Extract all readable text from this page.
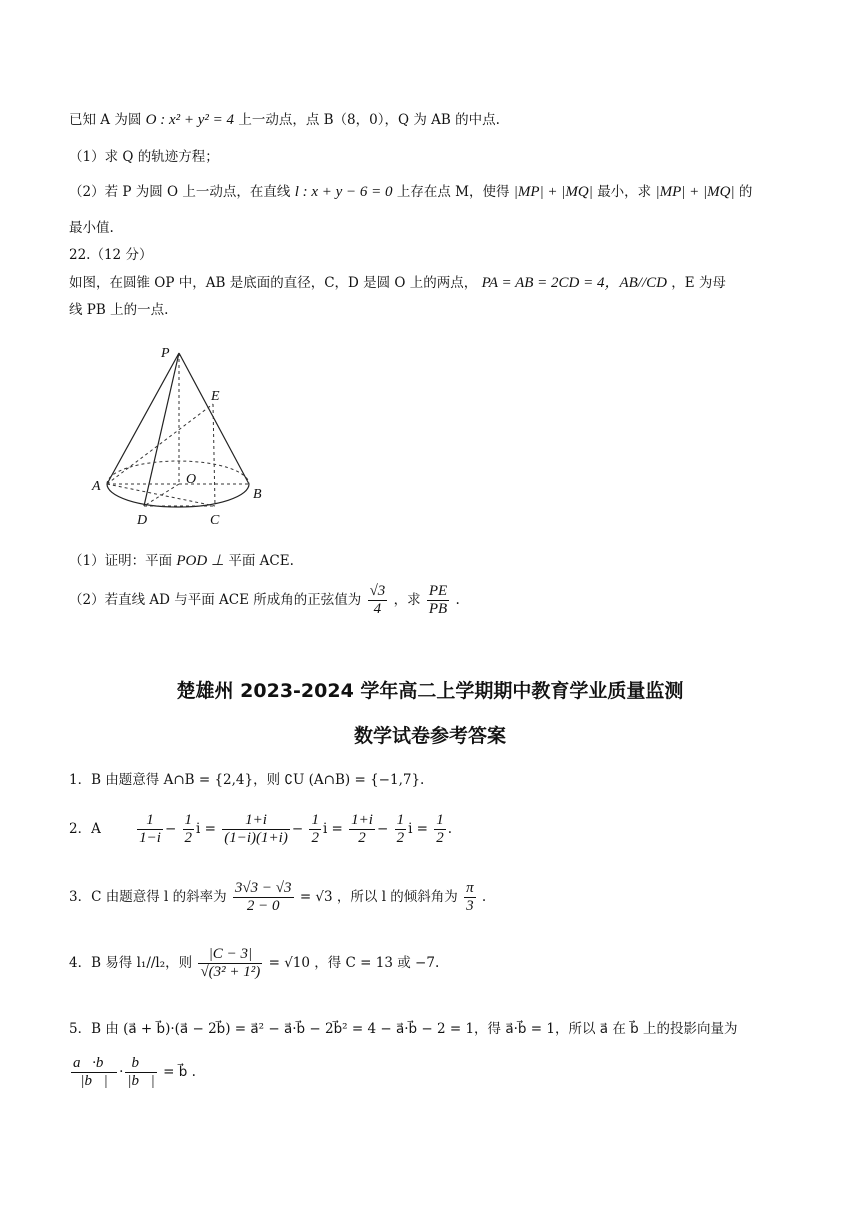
已知 A 为圆 O : x² + y² = 4 上一动点，点 B（8，0），Q 为 AB 的中点.
（1）求 Q 的轨迹方程；
（2）若 P 为圆 O 上一动点，在直线 l : x + y − 6 = 0 上存在点 M，使得 |MP| + |MQ| 最小，求 |MP| + |MQ| 的
最小值.
22.（12 分）
如图，在圆锥 OP 中，AB 是底面的直径，C，D 是圆 O 上的两点， PA = AB = 2CD = 4，AB//CD ，E 为母
线 PB 上的一点.
P
E
A	O
B
D	C
（1）证明：平面 POD ⊥ 平面 ACE.
（2）若直线 AD 与平面 ACE 所成角的正弦值为 $\frac{√3}{4}$ ，求 $\frac{PE}{PB}$ .
楚雄州 2023-2024 学年高二上学期期中教育学业质量监测
数学试卷参考答案
1．B 由题意得 A∩B = {2,4}，则 ∁U (A∩B) = {−1,7}.
2．A $\frac{1}{1-i} - \frac{1}{2}$ $i = \frac{1+i}{(1-i)(1+i)} - \frac{1}{2}$ $i = \frac{1+i}{2} - \frac{1}{2}$ $i = \frac{1}{2}$ .
3．C 由题意得 l 的斜率为 $\frac{3√3 - √3}{2 - 0} = √3$ ，所以 l 的倾斜角为 $\frac{\pi}{3}$ .
4．B 易得 l₁//l₂，则 $\frac{|C - 3|}{\text{√(3² + 1²)}} = √10$ ，得 C = 13 或 −7.
5．B 由 (a⃗ + b⃗)·(a⃗ − 2b⃗) = a⃗² − a⃗·b⃗ − 2b⃗² = 4 − a⃗·b⃗ − 2 = 1，得 a⃗·b⃗ = 1，所以 a⃗ 在 b⃗ 上的投影向量为
$\frac{a⃗\cdot b⃗}{|b⃗|} \cdot \frac{b⃗}{|b⃗|}$ = b⃗ .
